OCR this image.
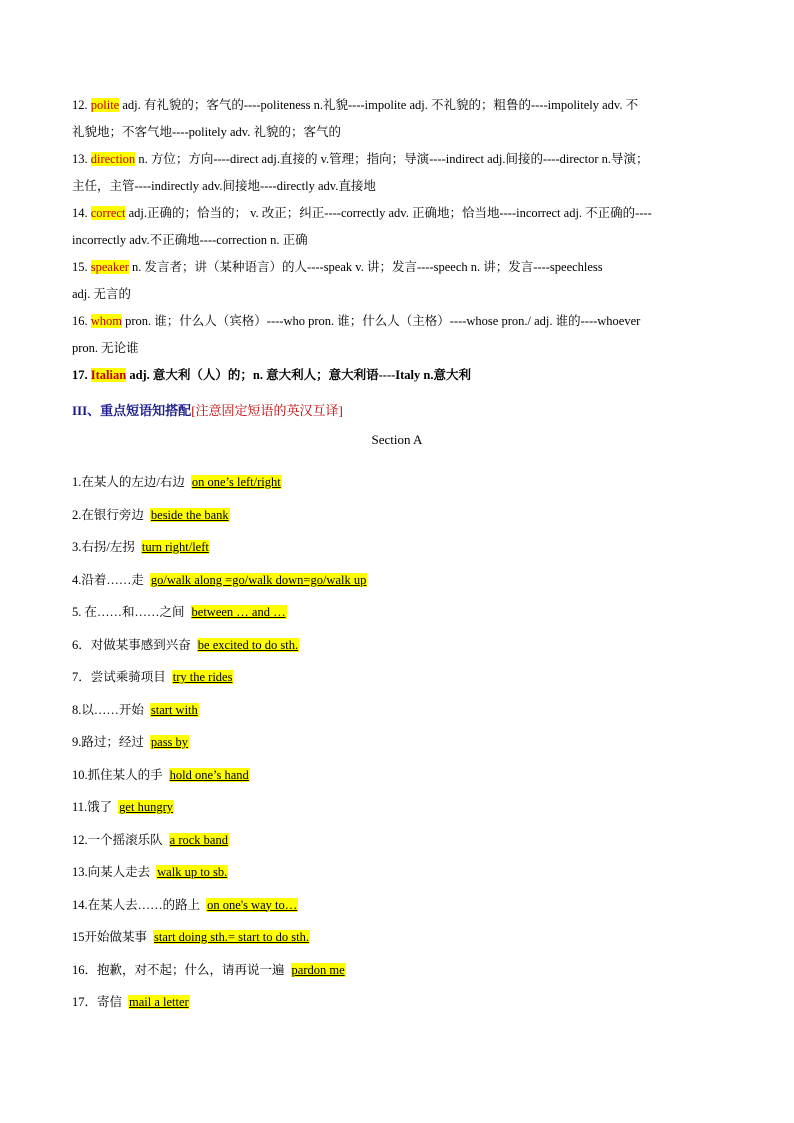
12. polite adj. 有礼貌的；客气的----politeness n.礼貌----impolite adj. 不礼貌的；粗鲁的----impolitely adv. 不
礼貌地；不客气地----politely adv. 礼貌的；客气的

13. direction n. 方位；方向----direct adj.直接的 v.管理；指向；导演----indirect adj.间接的----director n.导演；
主任，主管----indirectly adv.间接地----directly adv.直接地

14. correct adj.正确的；恰当的； v. 改正；纠正----correctly adv. 正确地；恰当地----incorrect adj. 不正确的----
incorrectly adv.不正确地----correction n. 正确

15. speaker n. 发言者；讲（某种语言）的人----speak v. 讲；发言----speech n. 讲；发言----speechless
adj. 无言的

16. whom pron. 谁；什么人（宾格）----who pron. 谁；什么人（主格）----whose pron./ adj. 谁的----whoever
pron. 无论谁

17. Italian adj. 意大利（人）的；n. 意大利人；意大利语----Italy n.意大利

III、重点短语知搭配[注意固定短语的英汉互译]
Section A
1.在某人的左边/右边 on one’s left/right
2.在银行旁边 beside the bank
3.右拐/左拐 turn right/left
4.沿着……走 go/walk along =go/walk down=go/walk up
5. 在……和……之间 between … and …
6．对做某事感到兴奋 be excited to do sth.
7．尝试乘骑项目 try the rides
8.以……开始 start with
9.路过；经过 pass by
10.抓住某人的手 hold one’s hand
11.饿了 get hungry
12.一个摇滚乐队 a rock band
13.向某人走去 walk up to sb.
14.在某人去……的路上 on one's way to…
15开始做某事 start doing sth.= start to do sth.
16．抱歉，对不起；什么，请再说一遍 pardon me
17．寄信 mail a letter
